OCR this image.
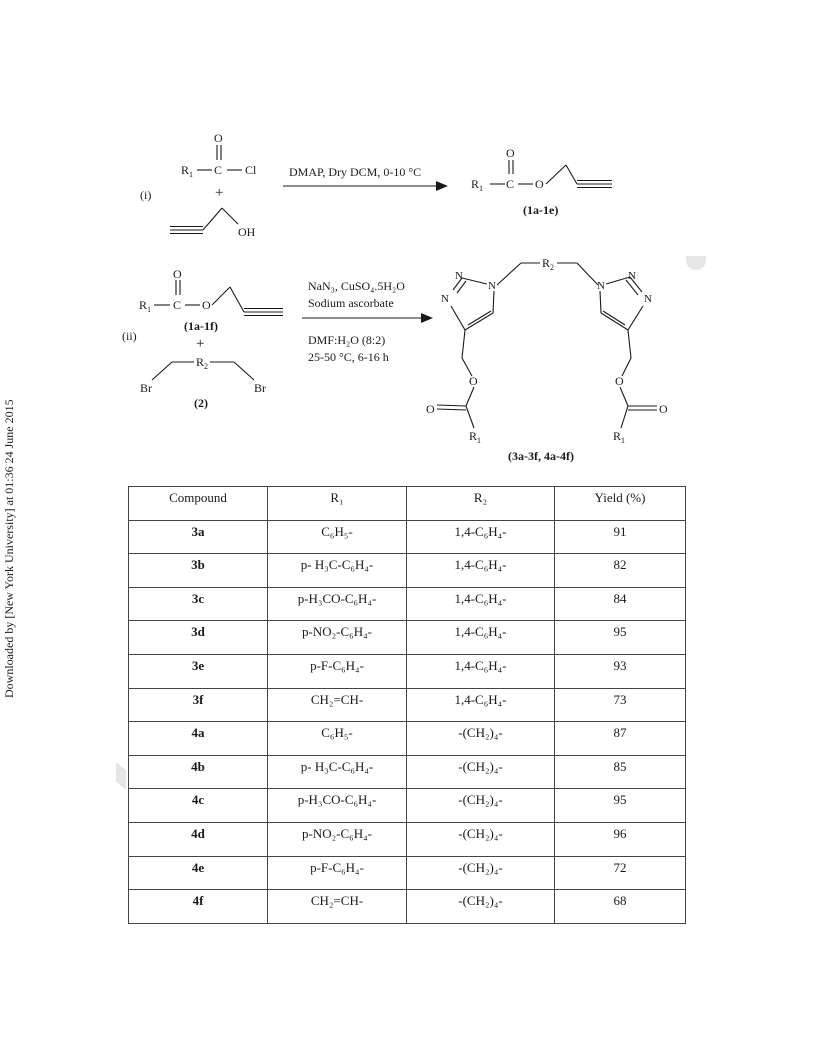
Downloaded by [New York University] at 01:36 24 June 2015
(i)
$R_1$ C
O
Cl
+
OH
DMAP, Dry DCM, 0-10 °C
$R_1$ C
O
O
(1a-1e)
(ii)
$R_1$ C
O
O
(1a-1f)
+
$R_2$
Br	Br
(2)
NaN₃, CuSO₄.5H₂O
Sodium ascorbate
DMF:H₂O (8:2)
25-50 °C, 6-16 h
$R_2$
N
N
N
O
O
$R_1$
N
N
N
O
O
$R_1$
(3a-3f, 4a-4f)
Compound	R₁	R₂	Yield (%)
3a	C₆H₅-	1,4-C₆H₄-	91
3b	p- H₃C-C₆H₄-	1,4-C₆H₄-	82
3c	p-H₃CO-C₆H₄-	1,4-C₆H₄-	84
3d	p-NO₂-C₆H₄-	1,4-C₆H₄-	95
3e	p-F-C₆H₄-	1,4-C₆H₄-	93
3f	CH₂=CH-	1,4-C₆H₄-	73
4a	C₆H₅-	-(CH₂)₄-	87
4b	p- H₃C-C₆H₄-	-(CH₂)₄-	85
4c	p-H₃CO-C₆H₄-	-(CH₂)₄-	95
4d	p-NO₂-C₆H₄-	-(CH₂)₄-	96
4e	p-F-C₆H₄-	-(CH₂)₄-	72
4f	CH₂=CH-	-(CH₂)₄-	68
